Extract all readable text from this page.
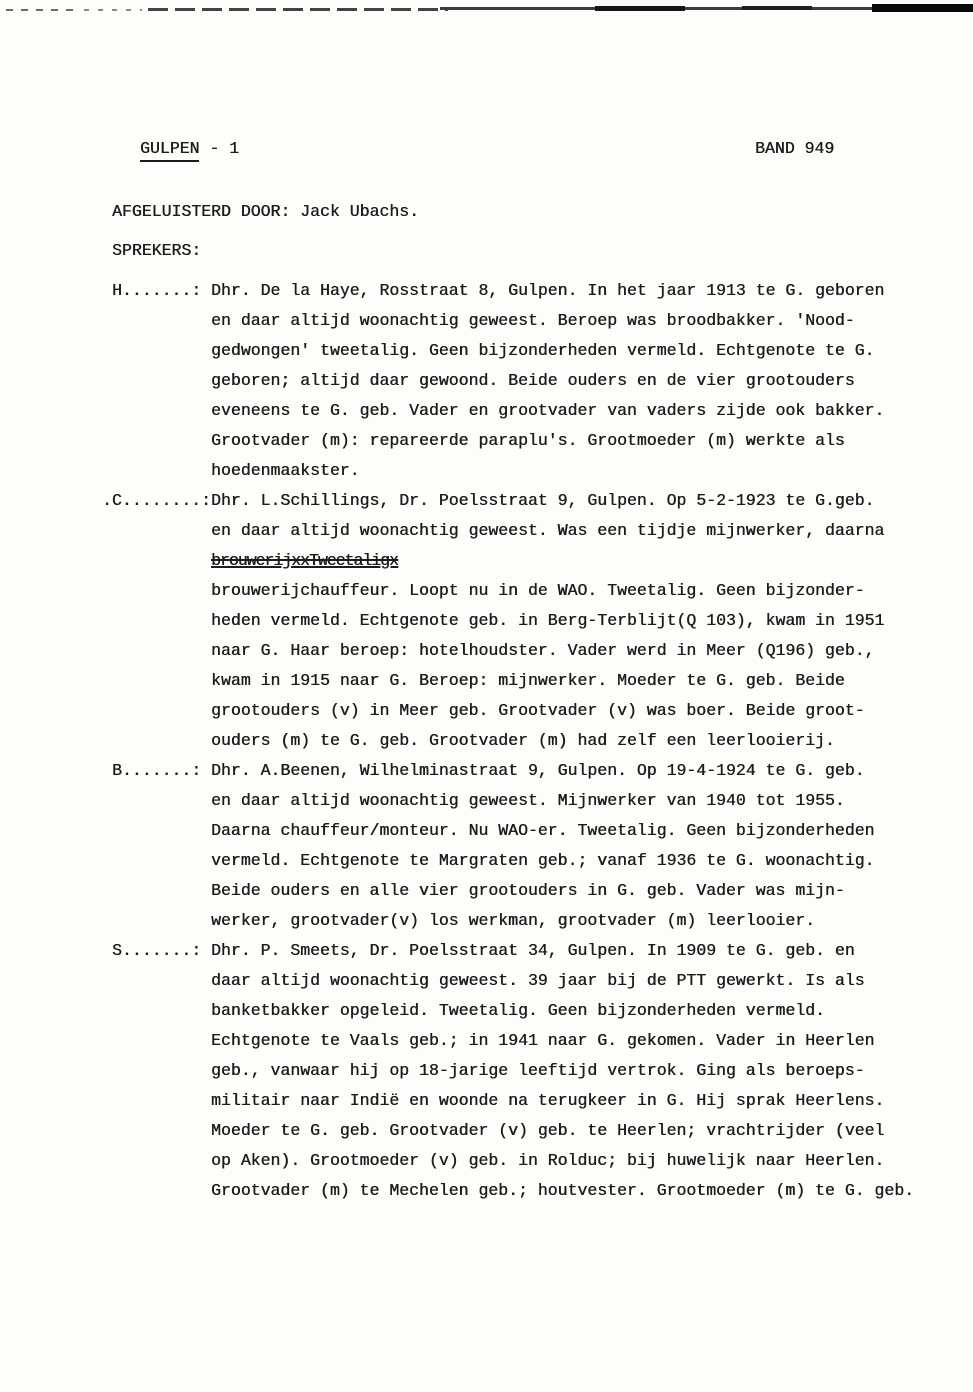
GULPEN - 1	BAND 949
AFGELUISTERD DOOR: Jack Ubachs.
SPREKERS:
H.......: Dhr. De la Haye, Rosstraat 8, Gulpen. In het jaar 1913 te G. geboren
en daar altijd woonachtig geweest. Beroep was broodbakker. 'Nood-
gedwongen' tweetalig. Geen bijzonderheden vermeld. Echtgenote te G.
geboren; altijd daar gewoond. Beide ouders en de vier grootouders
eveneens te G. geb. Vader en grootvader van vaders zijde ook bakker.
Grootvader (m): repareerde paraplu's. Grootmoeder (m) werkte als
hoedenmaakster.
.C........: Dhr. L.Schillings, Dr. Poelsstraat 9, Gulpen. Op 5-2-1923 te G.geb.
en daar altijd woonachtig geweest. Was een tijdje mijnwerker, daarna
brouwerijxxTweetaligx
brouwerijchauffeur. Loopt nu in de WAO. Tweetalig. Geen bijzonder-
heden vermeld. Echtgenote geb. in Berg-Terblijt(Q 103), kwam in 1951
naar G. Haar beroep: hotelhoudster. Vader werd in Meer (Q196) geb.,
kwam in 1915 naar G. Beroep: mijnwerker. Moeder te G. geb. Beide
grootouders (v) in Meer geb. Grootvader (v) was boer. Beide groot-
ouders (m) te G. geb. Grootvader (m) had zelf een leerlooierij.
B.......: Dhr. A.Beenen, Wilhelminastraat 9, Gulpen. Op 19-4-1924 te G. geb.
en daar altijd woonachtig geweest. Mijnwerker van 1940 tot 1955.
Daarna chauffeur/monteur. Nu WAO-er. Tweetalig. Geen bijzonderheden
vermeld. Echtgenote te Margraten geb.; vanaf 1936 te G. woonachtig.
Beide ouders en alle vier grootouders in G. geb. Vader was mijn-
werker, grootvader(v) los werkman, grootvader (m) leerlooier.
S.......: Dhr. P. Smeets, Dr. Poelsstraat 34, Gulpen. In 1909 te G. geb. en
daar altijd woonachtig geweest. 39 jaar bij de PTT gewerkt. Is als
banketbakker opgeleid. Tweetalig. Geen bijzonderheden vermeld.
Echtgenote te Vaals geb.; in 1941 naar G. gekomen. Vader in Heerlen
geb., vanwaar hij op 18-jarige leeftijd vertrok. Ging als beroeps-
militair naar Indië en woonde na terugkeer in G. Hij sprak Heerlens.
Moeder te G. geb. Grootvader (v) geb. te Heerlen; vrachtrijder (veel
op Aken). Grootmoeder (v) geb. in Rolduc; bij huwelijk naar Heerlen.
Grootvader (m) te Mechelen geb.; houtvester. Grootmoeder (m) te G. geb.
